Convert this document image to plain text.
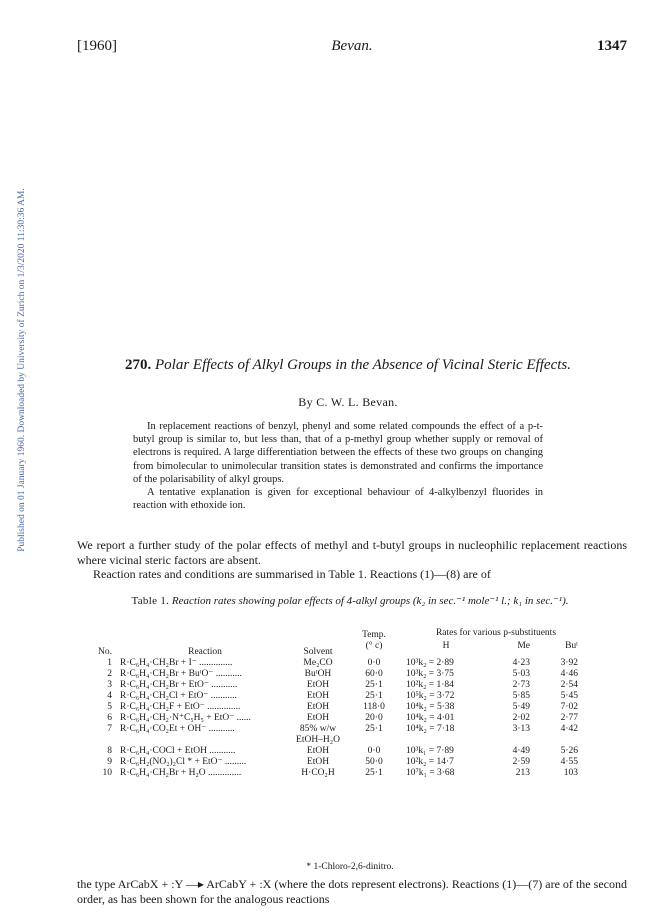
Published on 01 January 1960. Downloaded by University of Zurich on 1/3/2020 11:30:36 AM.
[1960]	Bevan.	1347
270. Polar Effects of Alkyl Groups in the Absence of Vicinal Steric Effects.
By C. W. L. Bevan.

In replacement reactions of benzyl, phenyl and some related compounds the effect of a p-t-butyl group is similar to, but less than, that of a p-methyl group whether supply or removal of electrons is required. A large differentiation between the effects of these two groups on changing from bimolecular to unimolecular transition states is demonstrated and confirms the importance of the polarisability of alkyl groups.

A tentative explanation is given for exceptional behaviour of 4-alkylbenzyl fluorides in reaction with ethoxide ion.

We report a further study of the polar effects of methyl and t-butyl groups in nucleophilic replacement reactions where vicinal steric factors are absent.

Reaction rates and conditions are summarised in Table 1. Reactions (1)—(8) are of

Table 1. Reaction rates showing polar effects of 4-alkyl groups (k₂ in sec.⁻¹ mole⁻¹ l.; k₁ in sec.⁻¹).
Temp.
(° c)
Rates for various p-substituents
No.	Reaction	Solvent
H	Me	Buᵗ
1 R·C₆H₄·CH₂Br + I⁻ ..............	Me₂CO	0·0	10³k₂ = 2·89	4·23	3·92
2 R·C₆H₄·CH₂Br + BuᵗO⁻ ...........	BuᵗOH	60·0	10³k₂ = 3·75	5·03	4·46
3 R·C₆H₄·CH₂Br + EtO⁻ ...........	EtOH	25·1	10²k₂ = 1·84	2·73	2·54
4 R·C₆H₄·CH₂Cl + EtO⁻ ...........	EtOH	25·1	10⁵k₂ = 3·72	5·85	5·45
5 R·C₆H₄·CH₂F + EtO⁻ ..............	EtOH	118·0	10⁴k₂ = 5·38	5·49	7·02
6 R·C₆H₄·CH₂·N⁺C₅H₅ + EtO⁻ ......	EtOH	20·0	10⁴k₂ = 4·01	2·02	2·77
7 R·C₆H₄·CO₂Et + OH⁻ ...........	85% w/w	25·1	10⁴k₂ = 7·18	3·13	4·42
EtOH–H₂O
8 R·C₆H₄·COCl + EtOH ...........	EtOH	0·0	10³k₁ = 7·89	4·49	5·26
9 R·C₆H₂(NO₂)₂Cl * + EtO⁻ .........	EtOH	50·0	10²k₂ = 14·7	2·59	4·55
10 R·C₆H₄·CH₂Br + H₂O ..............	H·CO₂H	25·1	10⁷k₁ = 3·68	213	103
* 1-Chloro-2,6-dinitro.

the type ArCabX + :Y —▸ ArCabY + :X (where the dots represent electrons). Reactions (1)—(7) are of the second order, as has been shown for the analogous reactions
